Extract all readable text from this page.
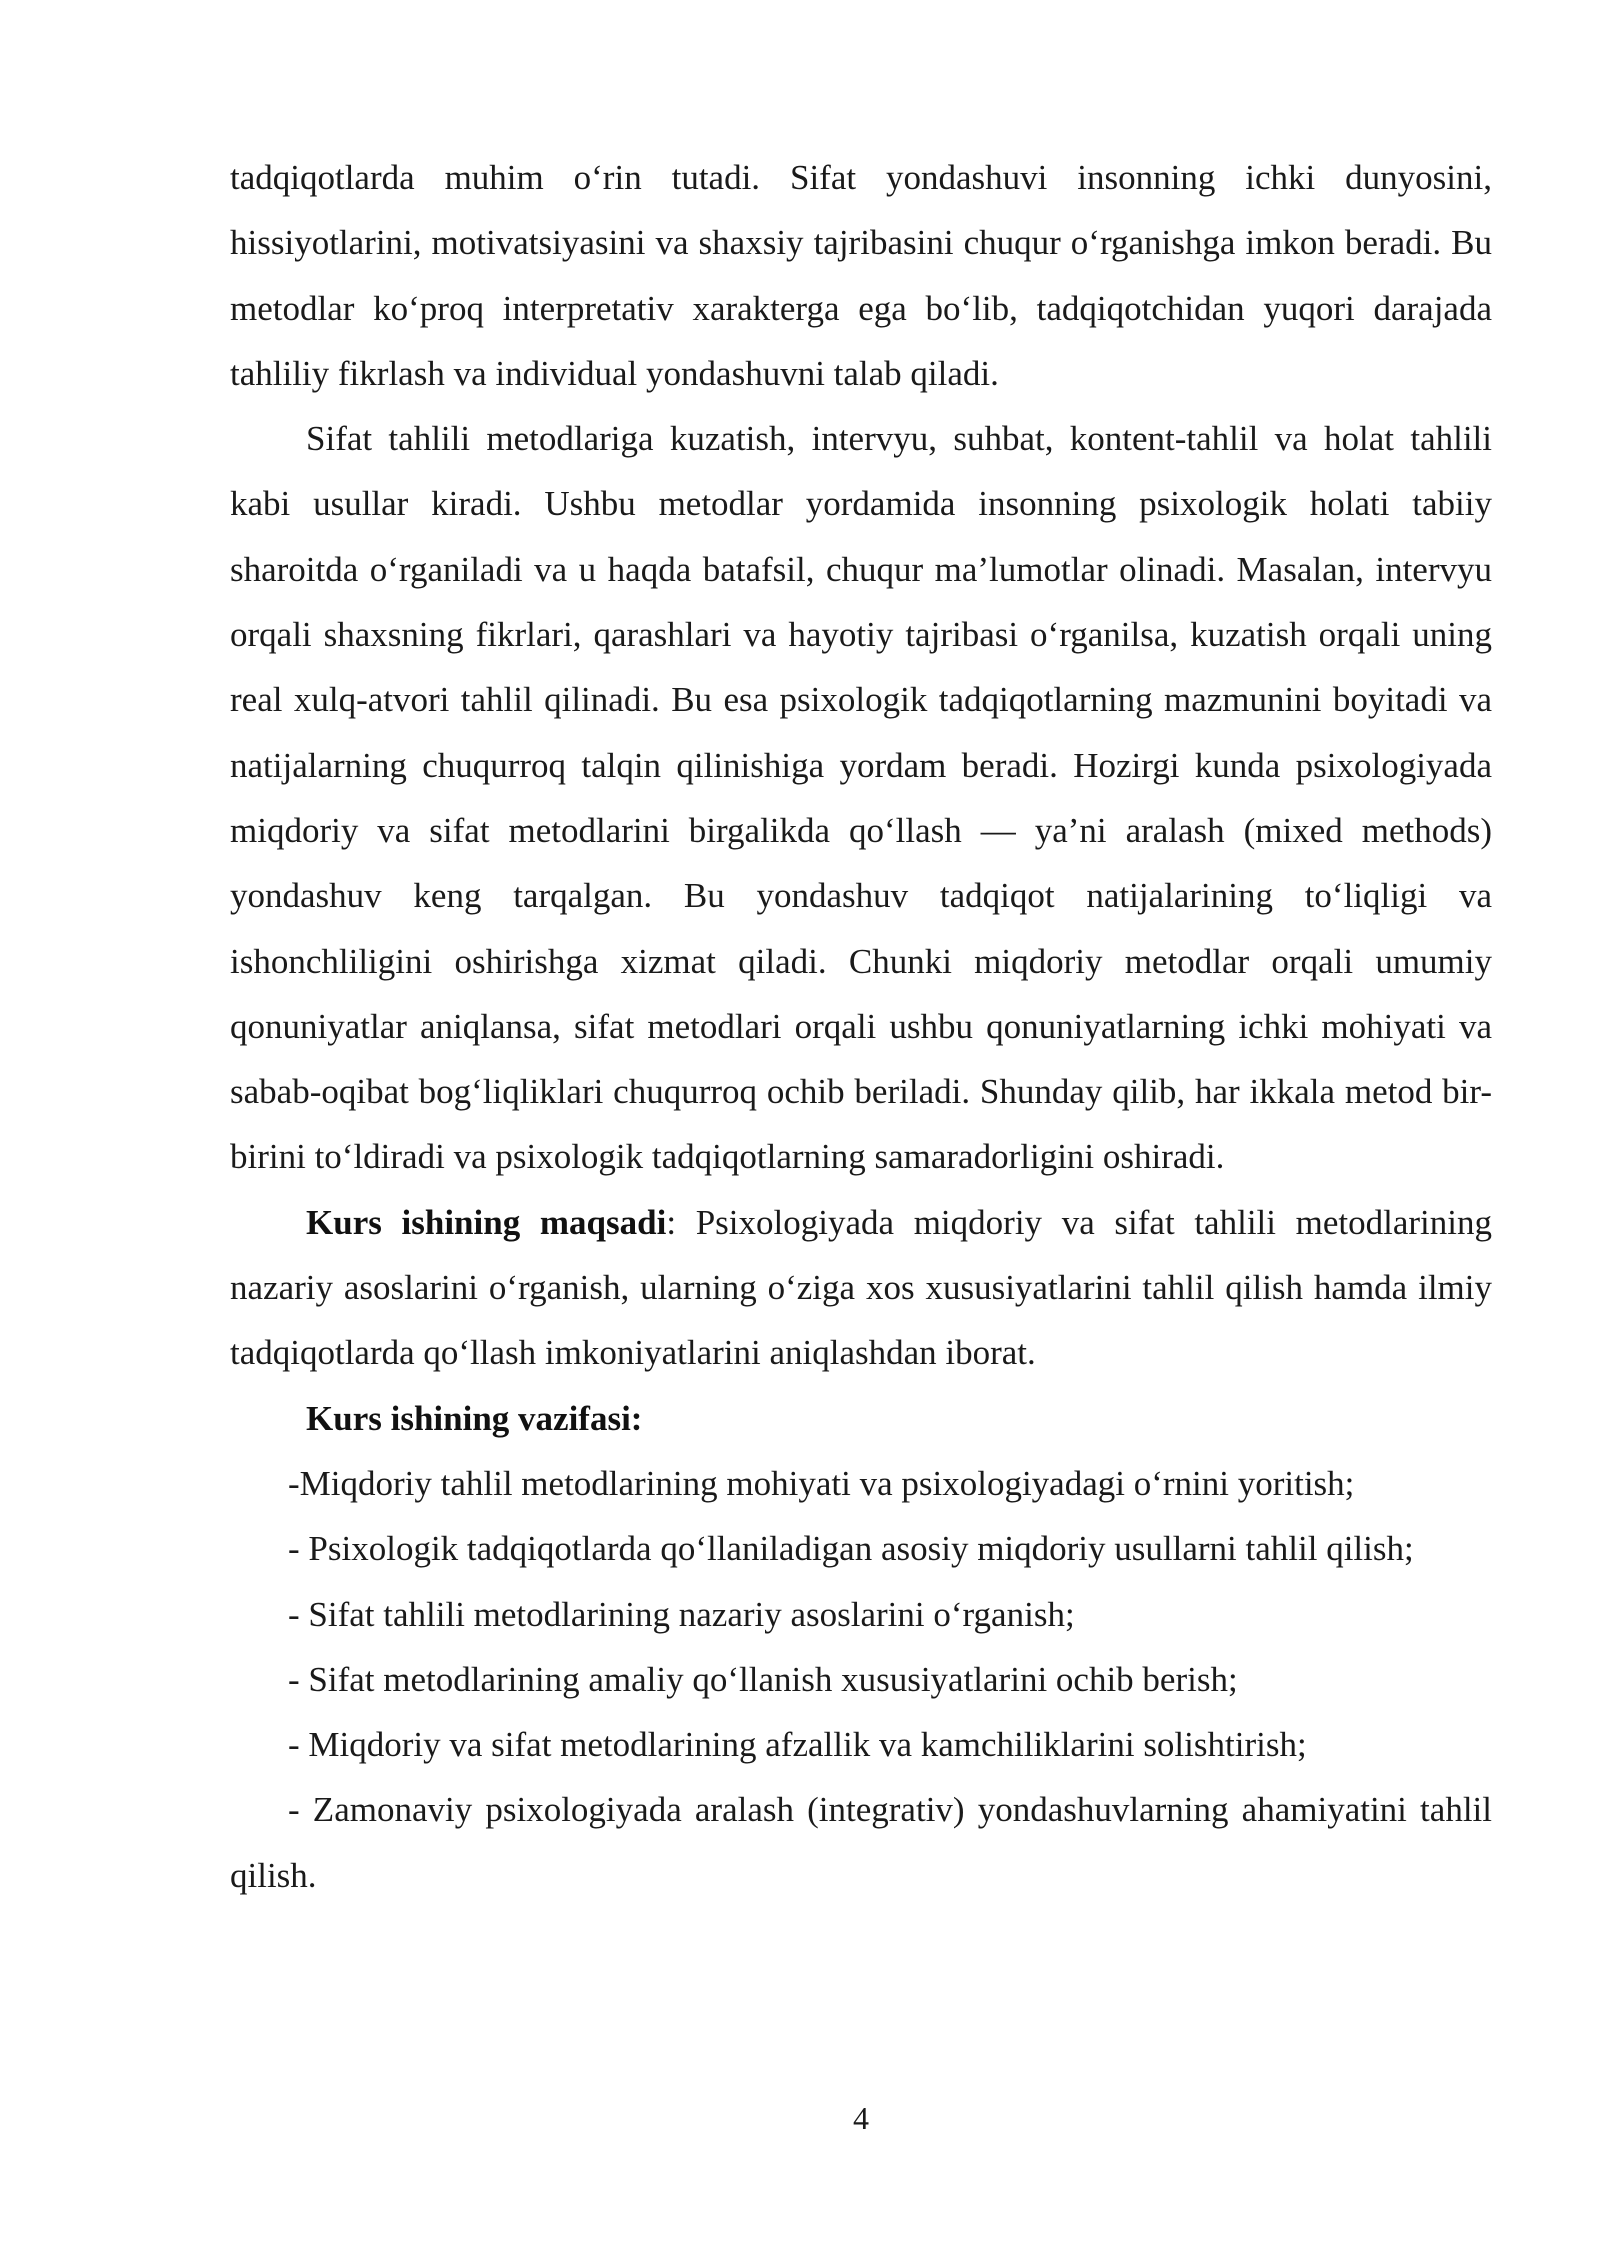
tadqiqotlarda muhim o‘rin tutadi. Sifat yondashuvi insonning ichki dunyosini, hissiyotlarini, motivatsiyasini va shaxsiy tajribasini chuqur o‘rganishga imkon beradi. Bu metodlar ko‘proq interpretativ xarakterga ega bo‘lib, tadqiqotchidan yuqori darajada tahliliy fikrlash va individual yondashuvni talab qiladi.

Sifat tahlili metodlariga kuzatish, intervyu, suhbat, kontent-tahlil va holat tahlili kabi usullar kiradi. Ushbu metodlar yordamida insonning psixologik holati tabiiy sharoitda o‘rganiladi va u haqda batafsil, chuqur ma’lumotlar olinadi. Masalan, intervyu orqali shaxsning fikrlari, qarashlari va hayotiy tajribasi o‘rganilsa, kuzatish orqali uning real xulq-atvori tahlil qilinadi. Bu esa psixologik tadqiqotlarning mazmunini boyitadi va natijalarning chuqurroq talqin qilinishiga yordam beradi. Hozirgi kunda psixologiyada miqdoriy va sifat metodlarini birgalikda qo‘llash — ya’ni aralash (mixed methods) yondashuv keng tarqalgan. Bu yondashuv tadqiqot natijalarining to‘liqligi va ishonchliligini oshirishga xizmat qiladi. Chunki miqdoriy metodlar orqali umumiy qonuniyatlar aniqlansa, sifat metodlari orqali ushbu qonuniyatlarning ichki mohiyati va sabab-oqibat bog‘liqliklari chuqurroq ochib beriladi. Shunday qilib, har ikkala metod bir-birini to‘ldiradi va psixologik tadqiqotlarning samaradorligini oshiradi.

Kurs ishining maqsadi: Psixologiyada miqdoriy va sifat tahlili metodlarining nazariy asoslarini o‘rganish, ularning o‘ziga xos xususiyatlarini tahlil qilish hamda ilmiy tadqiqotlarda qo‘llash imkoniyatlarini aniqlashdan iborat.

Kurs ishining vazifasi:

-Miqdoriy tahlil metodlarining mohiyati va psixologiyadagi o‘rnini yoritish;

- Psixologik tadqiqotlarda qo‘llaniladigan asosiy miqdoriy usullarni tahlil qilish;

- Sifat tahlili metodlarining nazariy asoslarini o‘rganish;

- Sifat metodlarining amaliy qo‘llanish xususiyatlarini ochib berish;

- Miqdoriy va sifat metodlarining afzallik va kamchiliklarini solishtirish;

- Zamonaviy psixologiyada aralash (integrativ) yondashuvlarning ahamiyatini tahlil qilish.

4
